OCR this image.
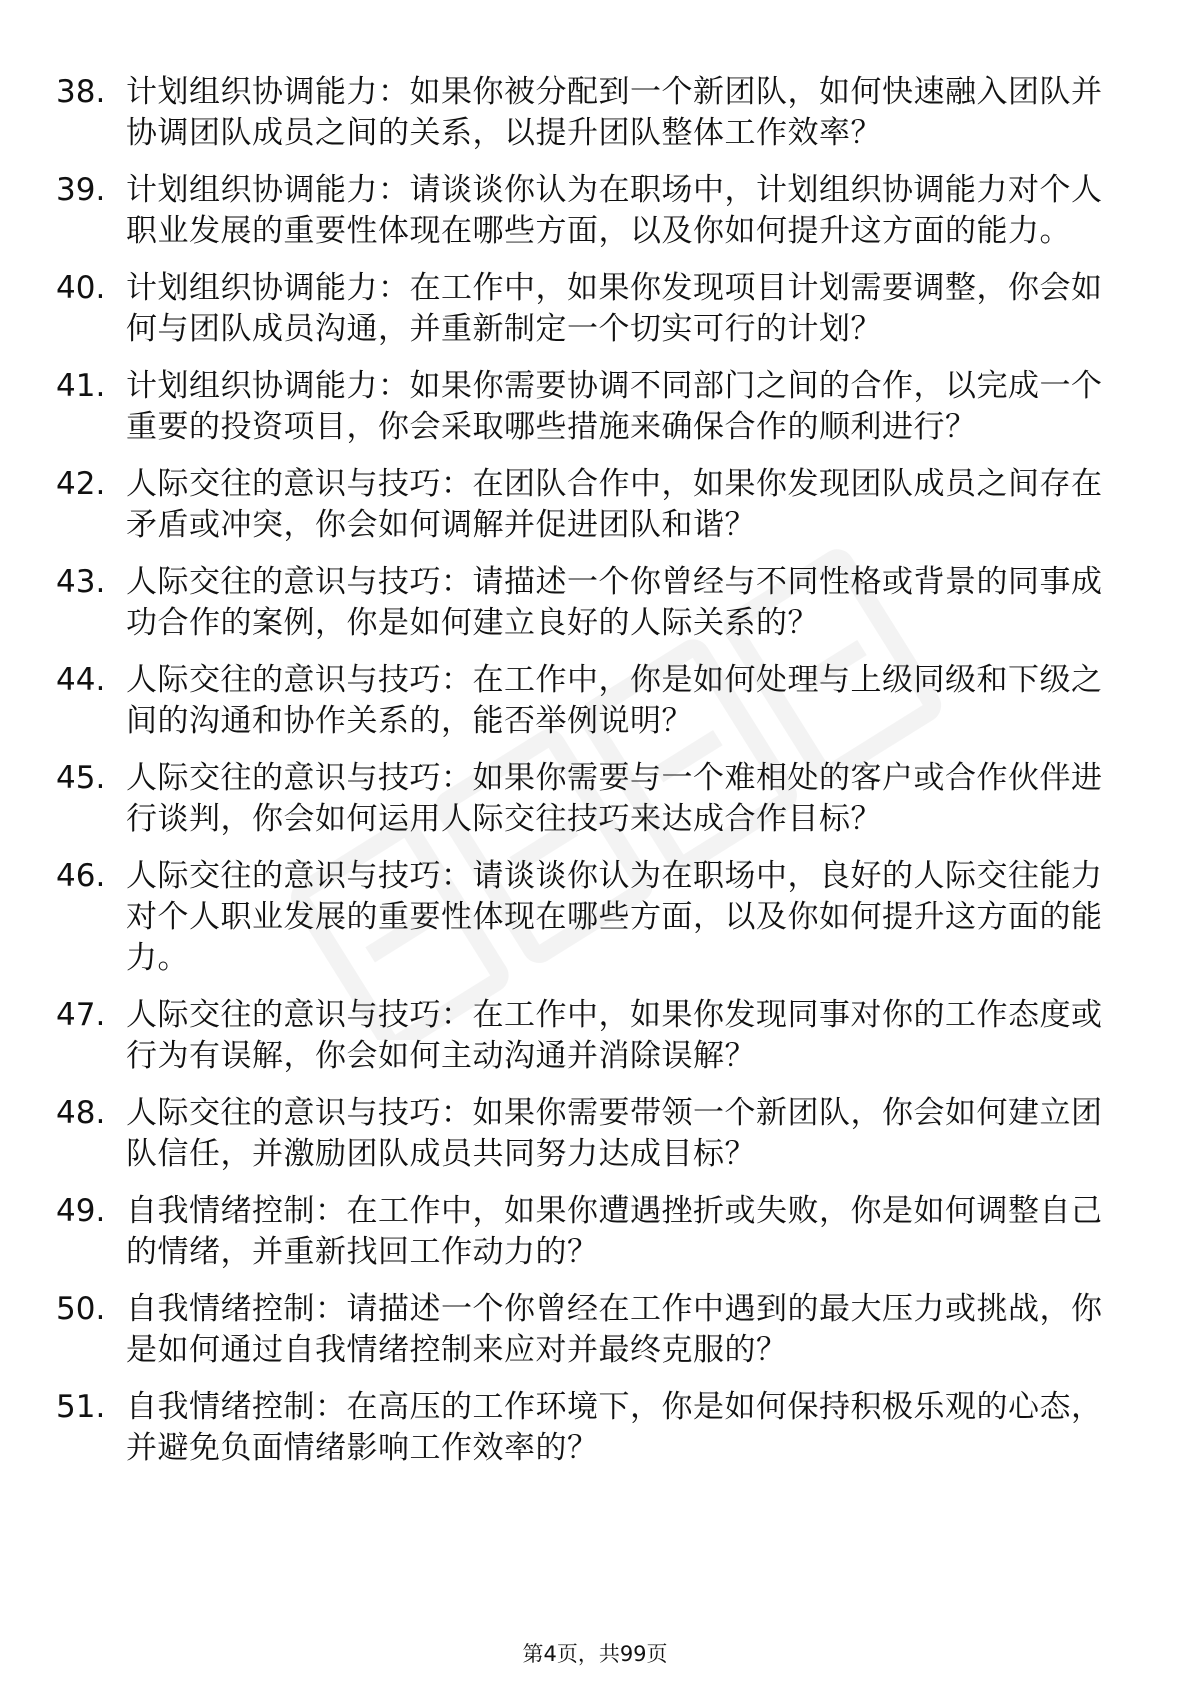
38. 计划组织协调能力：如果你被分配到一个新团队，如何快速融入团队并协调团队成员之间的关系，以提升团队整体工作效率？
39. 计划组织协调能力：请谈谈你认为在职场中，计划组织协调能力对个人职业发展的重要性体现在哪些方面，以及你如何提升这方面的能力。
40. 计划组织协调能力：在工作中，如果你发现项目计划需要调整，你会如何与团队成员沟通，并重新制定一个切实可行的计划？
41. 计划组织协调能力：如果你需要协调不同部门之间的合作，以完成一个重要的投资项目，你会采取哪些措施来确保合作的顺利进行？
42. 人际交往的意识与技巧：在团队合作中，如果你发现团队成员之间存在矛盾或冲突，你会如何调解并促进团队和谐？
43. 人际交往的意识与技巧：请描述一个你曾经与不同性格或背景的同事成功合作的案例，你是如何建立良好的人际关系的？
44. 人际交往的意识与技巧：在工作中，你是如何处理与上级同级和下级之间的沟通和协作关系的，能否举例说明？
45. 人际交往的意识与技巧：如果你需要与一个难相处的客户或合作伙伴进行谈判，你会如何运用人际交往技巧来达成合作目标？
46. 人际交往的意识与技巧：请谈谈你认为在职场中，良好的人际交往能力对个人职业发展的重要性体现在哪些方面，以及你如何提升这方面的能力。
47. 人际交往的意识与技巧：在工作中，如果你发现同事对你的工作态度或行为有误解，你会如何主动沟通并消除误解？
48. 人际交往的意识与技巧：如果你需要带领一个新团队，你会如何建立团队信任，并激励团队成员共同努力达成目标？
49. 自我情绪控制：在工作中，如果你遭遇挫折或失败，你是如何调整自己的情绪，并重新找回工作动力的？
50. 自我情绪控制：请描述一个你曾经在工作中遇到的最大压力或挑战，你是如何通过自我情绪控制来应对并最终克服的？
51. 自我情绪控制：在高压的工作环境下，你是如何保持积极乐观的心态，并避免负面情绪影响工作效率的？
第4页，共99页
